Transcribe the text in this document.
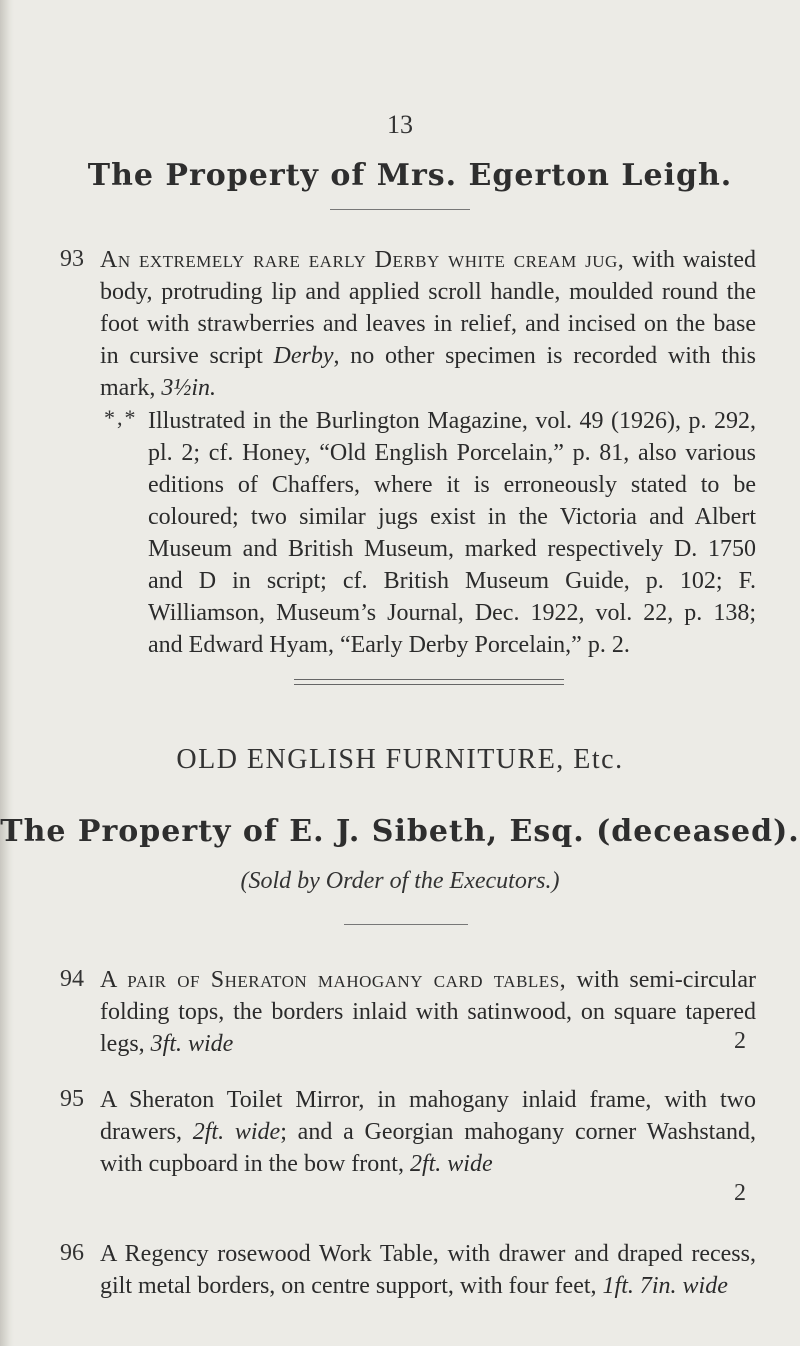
13
The Property of Mrs. Egerton Leigh.
93 An extremely rare early Derby white cream jug, with waisted body, protruding lip and applied scroll handle, moulded round the foot with strawberries and leaves in relief, and incised on the base in cursive script Derby, no other specimen is recorded with this mark, 3½in.

*,* Illustrated in the Burlington Magazine, vol. 49 (1926), p. 292, pl. 2; cf. Honey, “Old English Porcelain,” p. 81, also various editions of Chaffers, where it is erroneously stated to be coloured; two similar jugs exist in the Victoria and Albert Museum and British Museum, marked respectively D. 1750 and D in script; cf. British Museum Guide, p. 102; F. Williamson, Museum’s Journal, Dec. 1922, vol. 22, p. 138; and Edward Hyam, “Early Derby Porcelain,” p. 2.

OLD ENGLISH FURNITURE, Etc.
The Property of E. J. Sibeth, Esq. (deceased).
(Sold by Order of the Executors.)
94 A pair of Sheraton mahogany card tables, with semi-circular folding tops, the borders inlaid with satinwood, on square tapered legs, 3ft. wide	2
95 A Sheraton Toilet Mirror, in mahogany inlaid frame, with two drawers, 2ft. wide; and a Georgian mahogany corner Washstand, with cupboard in the bow front, 2ft. wide

2
96 A Regency rosewood Work Table, with drawer and draped recess, gilt metal borders, on centre support, with four feet, 1ft. 7in. wide
